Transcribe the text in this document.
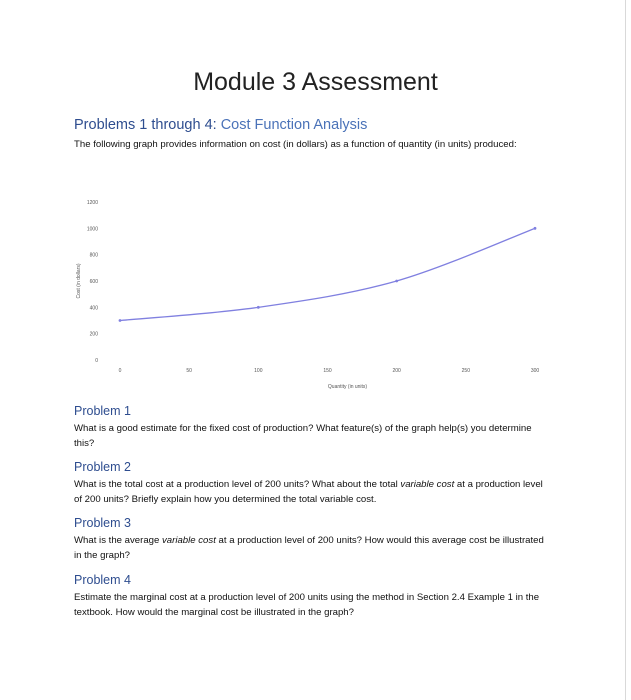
Module 3 Assessment
Problems 1 through 4: Cost Function Analysis
The following graph provides information on cost (in dollars) as a function of quantity (in units) produced:
0
200
400
600
800
1000
1200
0	50	100	150	200	250	300
Quantity (in units)
Cost (in dollars)
Problem 1
What is a good estimate for the fixed cost of production? What feature(s) of the graph help(s) you determine this?
Problem 2
What is the total cost at a production level of 200 units? What about the total variable cost at a production level of 200 units? Briefly explain how you determined the total variable cost.
Problem 3
What is the average variable cost at a production level of 200 units? How would this average cost be illustrated in the graph?
Problem 4
Estimate the marginal cost at a production level of 200 units using the method in Section 2.4 Example 1 in the textbook. How would the marginal cost be illustrated in the graph?
